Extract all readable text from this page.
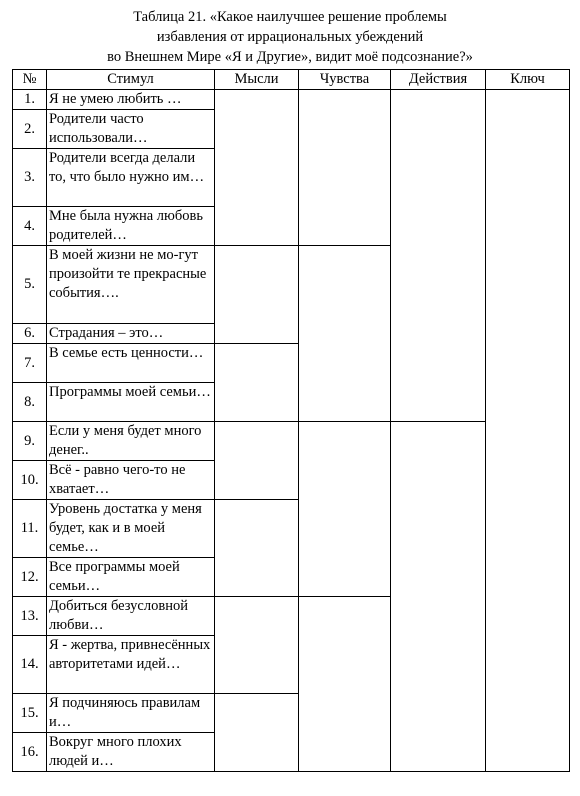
Таблица 21. «Какое наилучшее решение проблемы
избавления от иррациональных убеждений
во Внешнем Мире «Я и Другие», видит моё подсознание?»
№	Стимул	Мысли	Чувства	Действия	Ключ
1.	Я не умею любить …				
2.	Родители часто использовали…				
3.	Родители всегда делали то, что было нужно им…				
4.	Мне была нужна любовь родителей…				
5.	В моей жизни не мо-гут произойти те прекрасные события….				
6.	Страдания – это…				
7.	В семье есть ценности…				
8.	Программы моей семьи…				
9.	Если у меня будет много денег..				
10.	Всё - равно чего-то не хватает…				
11.	Уровень достатка у меня будет, как и в моей семье…				
12.	Все программы моей семьи…				
13.	Добиться безусловной любви…				
14.	Я - жертва, привнесённых авторитетами идей…				
15.	Я подчиняюсь правилам и…				
16.	Вокруг много плохих людей и…				
